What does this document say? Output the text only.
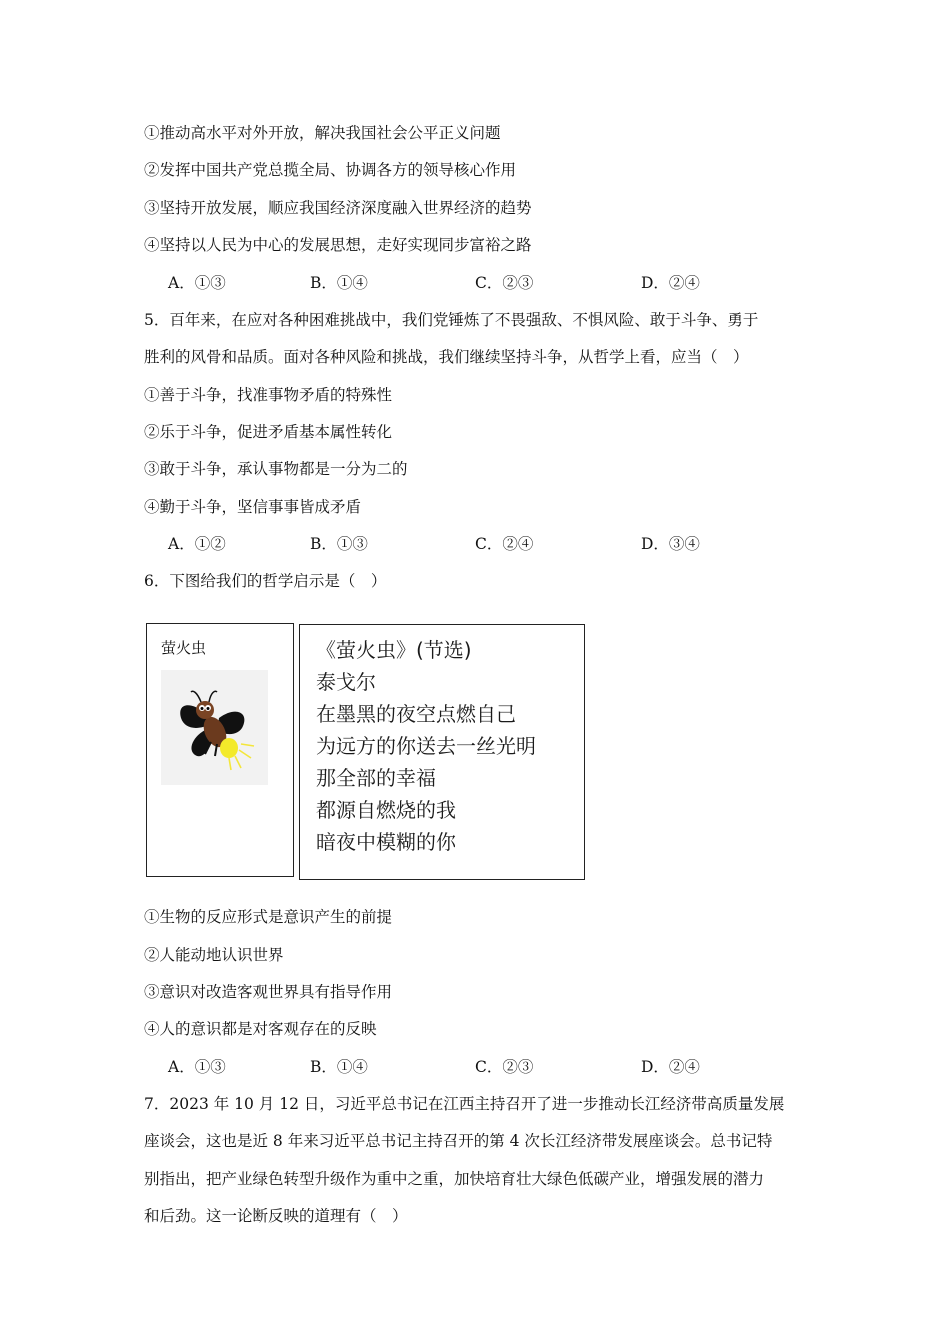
①推动高水平对外开放，解决我国社会公平正义问题
②发挥中国共产党总揽全局、协调各方的领导核心作用
③坚持开放发展，顺应我国经济深度融入世界经济的趋势
④坚持以人民为中心的发展思想，走好实现同步富裕之路
A．①③	B．①④	C．②③	D．②④
5．百年来，在应对各种困难挑战中，我们党锤炼了不畏强敌、不惧风险、敢于斗争、勇于
胜利的风骨和品质。面对各种风险和挑战，我们继续坚持斗争，从哲学上看，应当（　）
①善于斗争，找准事物矛盾的特殊性
②乐于斗争，促进矛盾基本属性转化
③敢于斗争，承认事物都是一分为二的
④勤于斗争，坚信事事皆成矛盾
A．①②	B．①③	C．②④	D．③④
6．下图给我们的哲学启示是（　）
萤火虫	《萤火虫》(节选)
泰戈尔
在墨黑的夜空点燃自己
为远方的你送去一丝光明
那全部的幸福
都源自燃烧的我
暗夜中模糊的你
①生物的反应形式是意识产生的前提
②人能动地认识世界
③意识对改造客观世界具有指导作用
④人的意识都是对客观存在的反映
A．①③	B．①④	C．②③	D．②④
7．2023 年 10 月 12 日，习近平总书记在江西主持召开了进一步推动长江经济带高质量发展
座谈会，这也是近 8 年来习近平总书记主持召开的第 4 次长江经济带发展座谈会。总书记特
别指出，把产业绿色转型升级作为重中之重，加快培育壮大绿色低碳产业，增强发展的潜力
和后劲。这一论断反映的道理有（　）
